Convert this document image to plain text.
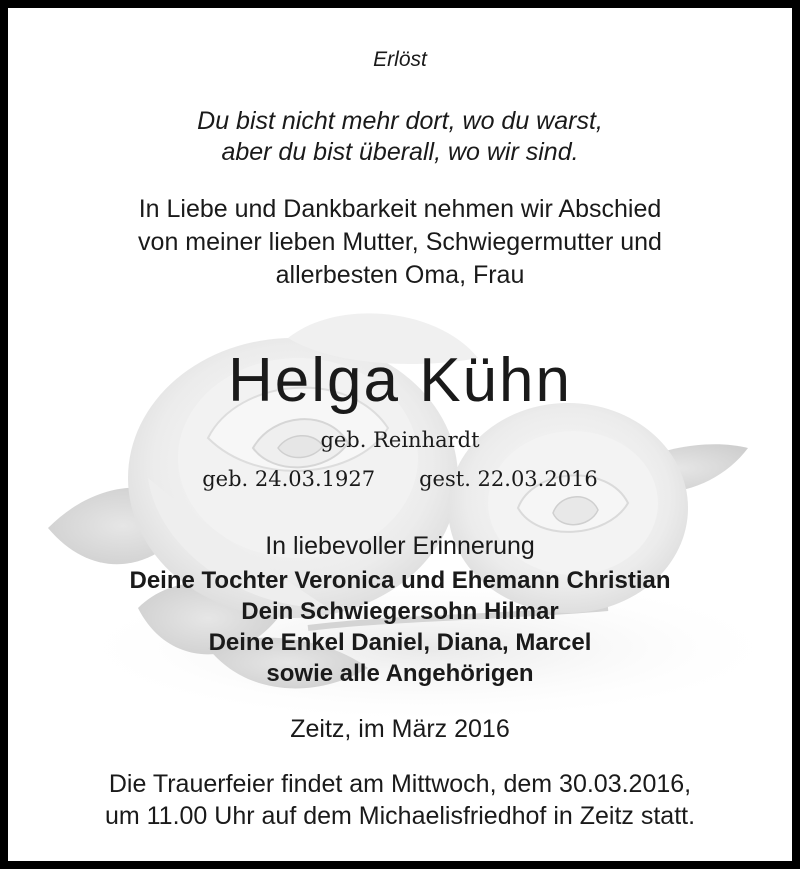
Erlöst
Du bist nicht mehr dort, wo du warst,
aber du bist überall, wo wir sind.
In Liebe und Dankbarkeit nehmen wir Abschied
von meiner lieben Mutter, Schwiegermutter und
allerbesten Oma, Frau
Helga Kühn
geb. Reinhardt
geb. 24.03.1927 gest. 22.03.2016
In liebevoller Erinnerung
Deine Tochter Veronica und Ehemann Christian
Dein Schwiegersohn Hilmar
Deine Enkel Daniel, Diana, Marcel
sowie alle Angehörigen
Zeitz, im März 2016
Die Trauerfeier findet am Mittwoch, dem 30.03.2016,
um 11.00 Uhr auf dem Michaelisfriedhof in Zeitz statt.
